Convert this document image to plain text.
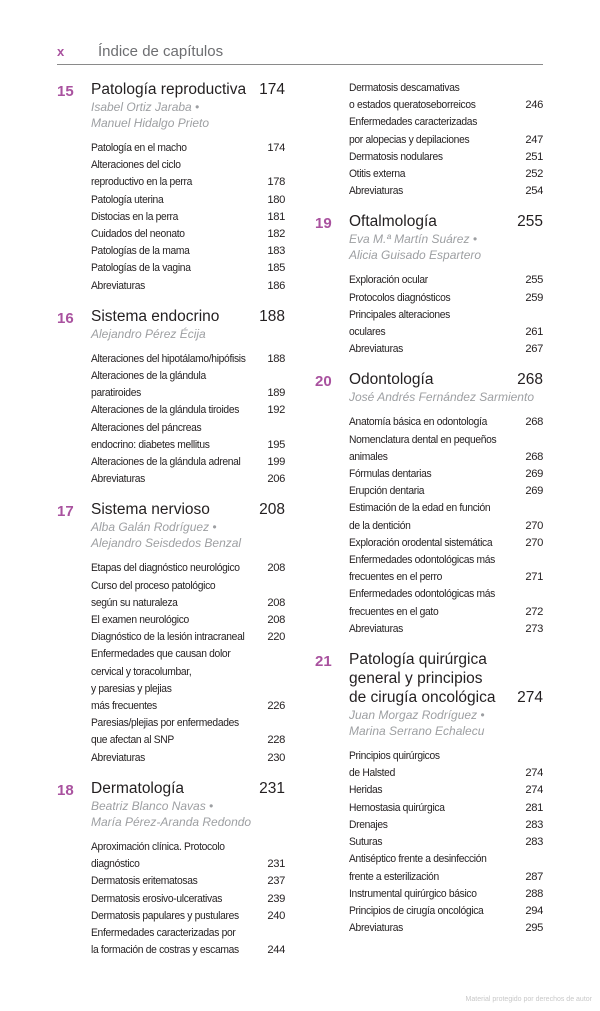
x Índice de capítulos
15 Patología reproductiva 174
Isabel Ortiz Jaraba •
Manuel Hidalgo Prieto
Patología en el macho	174
Alteraciones del ciclo
reproductivo en la perra	178
Patología uterina	180
Distocias en la perra	181
Cuidados del neonato	182
Patologías de la mama	183
Patologías de la vagina	185
Abreviaturas	186
16 Sistema endocrino	188
Alejandro Pérez Écija
Alteraciones del hipotálamo/hipófisis	188
Alteraciones de la glándula
paratiroides	189
Alteraciones de la glándula tiroides	192
Alteraciones del páncreas
endocrino: diabetes mellitus	195
Alteraciones de la glándula adrenal	199
Abreviaturas	206
17 Sistema nervioso	208
Alba Galán Rodríguez •
Alejandro Seisdedos Benzal
Etapas del diagnóstico neurológico	208
Curso del proceso patológico
según su naturaleza	208
El examen neurológico	208
Diagnóstico de la lesión intracraneal	220
Enfermedades que causan dolor
cervical y toracolumbar,
y paresias y plejias
más frecuentes	226
Paresias/plejias por enfermedades
que afectan al SNP	228
Abreviaturas	230
18 Dermatología	231
Beatriz Blanco Navas •
María Pérez-Aranda Redondo
Aproximación clínica. Protocolo
diagnóstico	231
Dermatosis eritematosas	237
Dermatosis erosivo-ulcerativas	239
Dermatosis papulares y pustulares	240
Enfermedades caracterizadas por
la formación de costras y escamas	244
Dermatosis descamativas
o estados queratoseborreicos	246
Enfermedades caracterizadas
por alopecias y depilaciones	247
Dermatosis nodulares	251
Otitis externa	252
Abreviaturas	254
19 Oftalmología	255
Eva M.ª Martín Suárez •
Alicia Guisado Espartero
Exploración ocular	255
Protocolos diagnósticos	259
Principales alteraciones
oculares	261
Abreviaturas	267
20 Odontología	268
José Andrés Fernández Sarmiento
Anatomía básica en odontología	268
Nomenclatura dental en pequeños
animales	268
Fórmulas dentarias	269
Erupción dentaria	269
Estimación de la edad en función
de la dentición	270
Exploración orodental sistemática	270
Enfermedades odontológicas más
frecuentes en el perro	271
Enfermedades odontológicas más
frecuentes en el gato	272
Abreviaturas	273
21 Patología quirúrgica
general y principios
de cirugía oncológica 274
Juan Morgaz Rodríguez •
Marina Serrano Echalecu
Principios quirúrgicos
de Halsted	274
Heridas	274
Hemostasia quirúrgica	281
Drenajes	283
Suturas	283
Antiséptico frente a desinfección
frente a esterilización	287
Instrumental quirúrgico básico	288
Principios de cirugía oncológica	294
Abreviaturas	295
Material protegido por derechos de autor
